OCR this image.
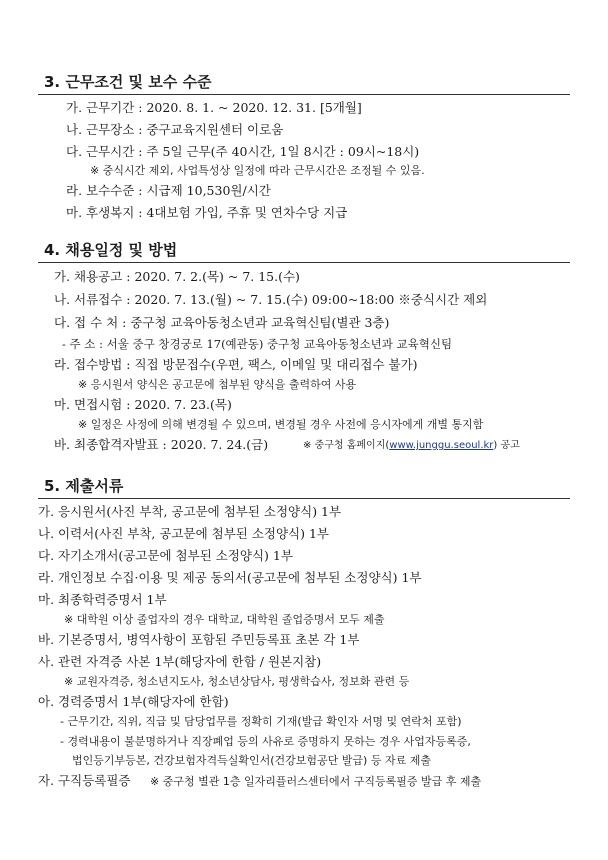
3. 근무조건 및 보수 수준
가. 근무기간 : 2020. 8. 1. ~ 2020. 12. 31. [5개월]
나. 근무장소 : 중구교육지원센터 이로움
다. 근무시간 : 주 5일 근무(주 40시간, 1일 8시간 : 09시~18시)
※ 중식시간 제외, 사업특성상 일정에 따라 근무시간은 조정될 수 있음.
라. 보수수준 : 시급제 10,530원/시간
마. 후생복지 : 4대보험 가입, 주휴 및 연차수당 지급
4. 채용일정 및 방법
가. 채용공고 : 2020. 7. 2.(목) ~ 7. 15.(수)
나. 서류접수 : 2020. 7. 13.(월) ~ 7. 15.(수) 09:00~18:00 ※중식시간 제외
다. 접 수 처 : 중구청 교육아동청소년과 교육혁신팀(별관 3층)
- 주 소 : 서울 중구 창경궁로 17(예관동) 중구청 교육아동청소년과 교육혁신팀
라. 접수방법 : 직접 방문접수(우편, 팩스, 이메일 및 대리접수 불가)
※ 응시원서 양식은 공고문에 첨부된 양식을 출력하여 사용
마. 면접시험 : 2020. 7. 23.(목)
※ 일정은 사정에 의해 변경될 수 있으며, 변경될 경우 사전에 응시자에게 개별 통지함
바. 최종합격자발표 : 2020. 7. 24.(금)	※ 중구청 홈페이지(www.junggu.seoul.kr) 공고
5. 제출서류
가. 응시원서(사진 부착, 공고문에 첨부된 소정양식) 1부
나. 이력서(사진 부착, 공고문에 첨부된 소정양식) 1부
다. 자기소개서(공고문에 첨부된 소정양식) 1부
라. 개인정보 수집·이용 및 제공 동의서(공고문에 첨부된 소정양식) 1부
마. 최종학력증명서 1부
※ 대학원 이상 졸업자의 경우 대학교, 대학원 졸업증명서 모두 제출
바. 기본증명서, 병역사항이 포함된 주민등록표 초본 각 1부
사. 관련 자격증 사본 1부(해당자에 한함 / 원본지참)
※ 교원자격증, 청소년지도사, 청소년상담사, 평생학습사, 정보화 관련 등
아. 경력증명서 1부(해당자에 한함)
- 근무기간, 직위, 직급 및 담당업무를 정확히 기재(발급 확인자 서명 및 연락처 포함)
- 경력내용이 불분명하거나 직장폐업 등의 사유로 증명하지 못하는 경우 사업자등록증,
법인등기부등본, 건강보험자격득실확인서(건강보험공단 발급) 등 자료 제출
자. 구직등록필증 ※ 중구청 별관 1층 일자리플러스센터에서 구직등록필증 발급 후 제출
